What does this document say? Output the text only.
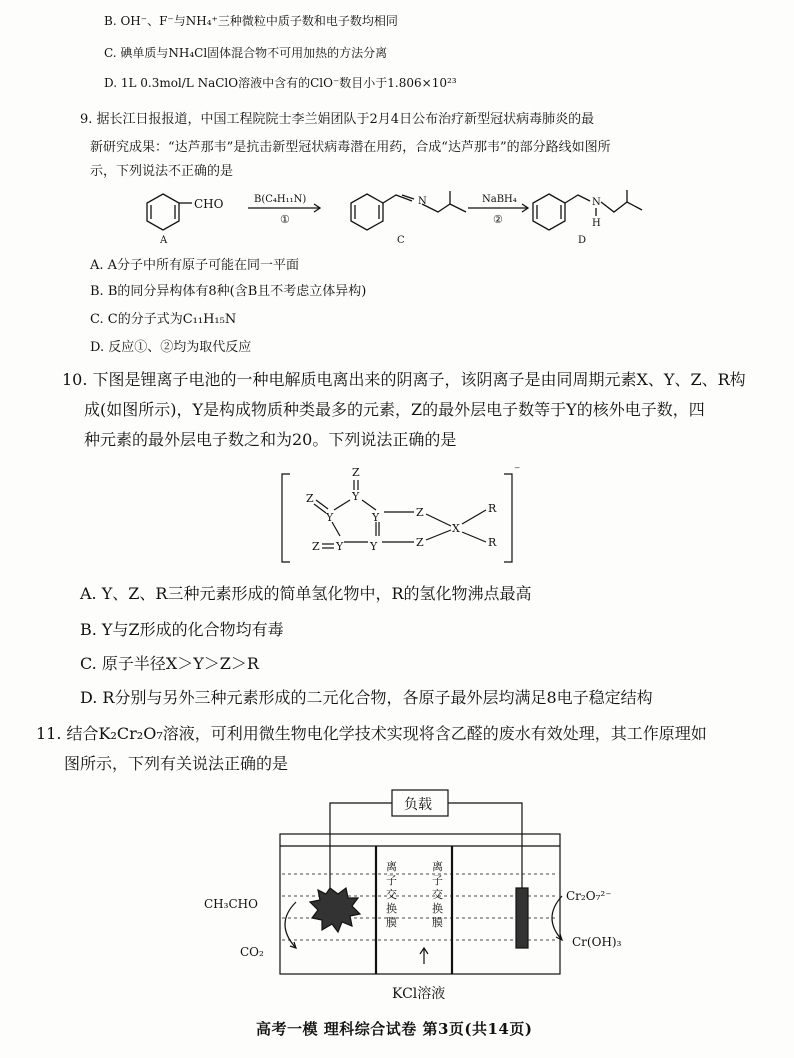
B. OH⁻、F⁻与NH₄⁺三种微粒中质子数和电子数均相同
C. 碘单质与NH₄Cl固体混合物不可用加热的方法分离
D. 1L 0.3mol/L NaClO溶液中含有的ClO⁻数目小于1.806×10²³
9. 据长江日报报道，中国工程院院士李兰娟团队于2月4日公布治疗新型冠状病毒肺炎的最
新研究成果：“达芦那韦”是抗击新型冠状病毒潜在用药，合成“达芦那韦”的部分路线如图所
示，下列说法不正确的是
CHO	B(C₄H₁₁N)
①
N	NaBH₄
②
N
H
A	C	D
A. A分子中所有原子可能在同一平面
B. B的同分异构体有8种(含B且不考虑立体异构)
C. C的分子式为C₁₁H₁₅N
D. 反应①、②均为取代反应
10. 下图是锂离子电池的一种电解质电离出来的阴离子，该阴离子是由同周期元素X、Y、Z、R构
成(如图所示)，Y是构成物质种类最多的元素，Z的最外层电子数等于Y的核外电子数，四
种元素的最外层电子数之和为20。下列说法正确的是
Z
Y
Z
Y	Y
Z Y Y
Z
Z
X
R
R
⁻
A. Y、Z、R三种元素形成的简单氢化物中，R的氢化物沸点最高
B. Y与Z形成的化合物均有毒
C. 原子半径X＞Y＞Z＞R
D. R分别与另外三种元素形成的二元化合物，各原子最外层均满足8电子稳定结构
11. 结合K₂Cr₂O₇溶液，可利用微生物电化学技术实现将含乙醛的废水有效处理，其工作原理如
图所示，下列有关说法正确的是
负载
CH₃CHO
CO₂
Cr₂O₇²⁻
Cr(OH)₃
KCl溶液
离
子
交
换
膜
离
子
交
换
膜
高考一模 理科综合试卷 第3页(共14页)
